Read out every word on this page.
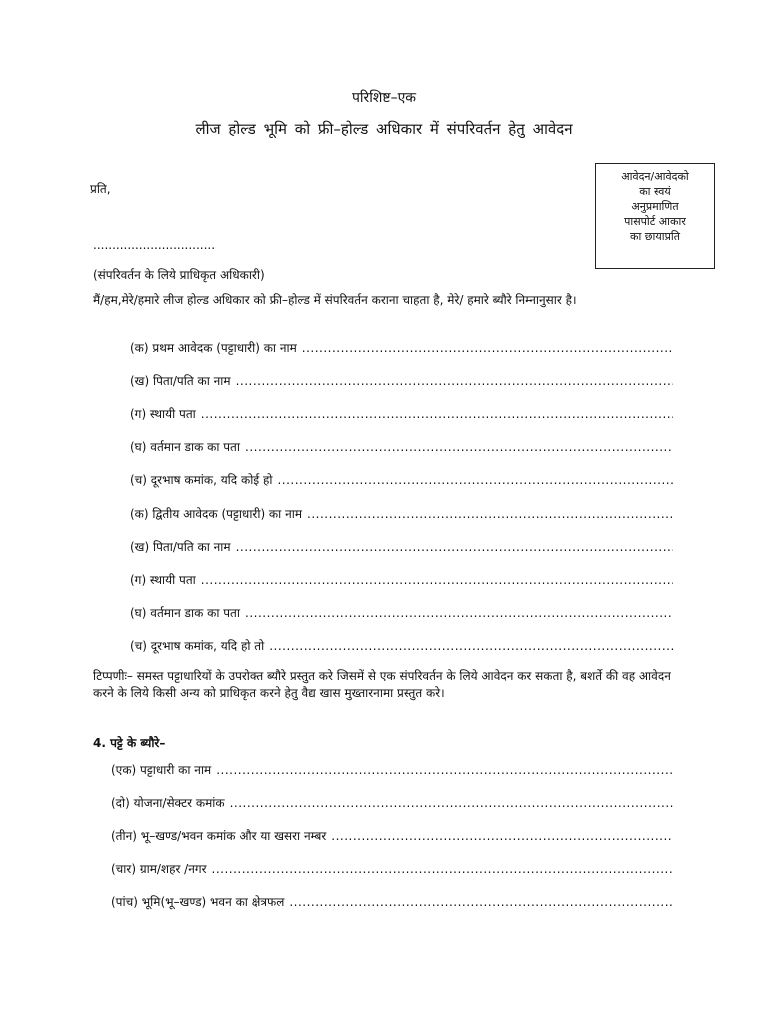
परिशिष्ट–एक
लीज होल्ड भूमि को फ्री–होल्ड अधिकार में संपरिवर्तन हेतु आवेदन
आवेदन/आवेदको
का स्वयं
अनुप्रमाणित
पासपोर्ट आकार
का छायाप्रति
प्रति,
................................
(संपरिवर्तन के लिये प्राधिकृत अधिकारी)
मैं/हम,मेरे/हमारे लीज होल्ड अधिकार को फ्री–होल्ड में संपरिवर्तन कराना चाहता है, मेरे/ हमारे ब्यौरे निम्नानुसार है।
(क) प्रथम आवेदक (पट्टाधारी) का नाम
.....
(ख) पिता/पति का नाम
.....
(ग) स्थायी पता
.....
(घ) वर्तमान डाक का पता
.....
(च) दूरभाष कमांक, यदि कोई हो
.....
(क) द्वितीय आवेदक (पट्टाधारी) का नाम
.....
(ख) पिता/पति का नाम
.....
(ग) स्थायी पता
.....
(घ) वर्तमान डाक का पता
.....
(च) दूरभाष कमांक, यदि हो तो
.....
टिप्पणीः– समस्त पट्टाधारियों के उपरोक्त ब्यौरे प्रस्तुत करे जिसमें से एक संपरिवर्तन के लिये आवेदन कर सकता है, बशर्ते की वह आवेदन करने के लिये किसी अन्य को प्राधिकृत करने हेतु वैद्य खास मुख्तारनामा प्रस्तुत करे।
4. पट्टे के ब्यौरे–
(एक) पट्टाधारी का नाम
.....
(दो) योजना/सेक्टर कमांक
.....
(तीन) भू–खण्ड/भवन कमांक और या खसरा नम्बर
.....
(चार) ग्राम/शहर /नगर
.....
(पांच) भूमि(भू–खण्ड) भवन का क्षेत्रफल
.....
